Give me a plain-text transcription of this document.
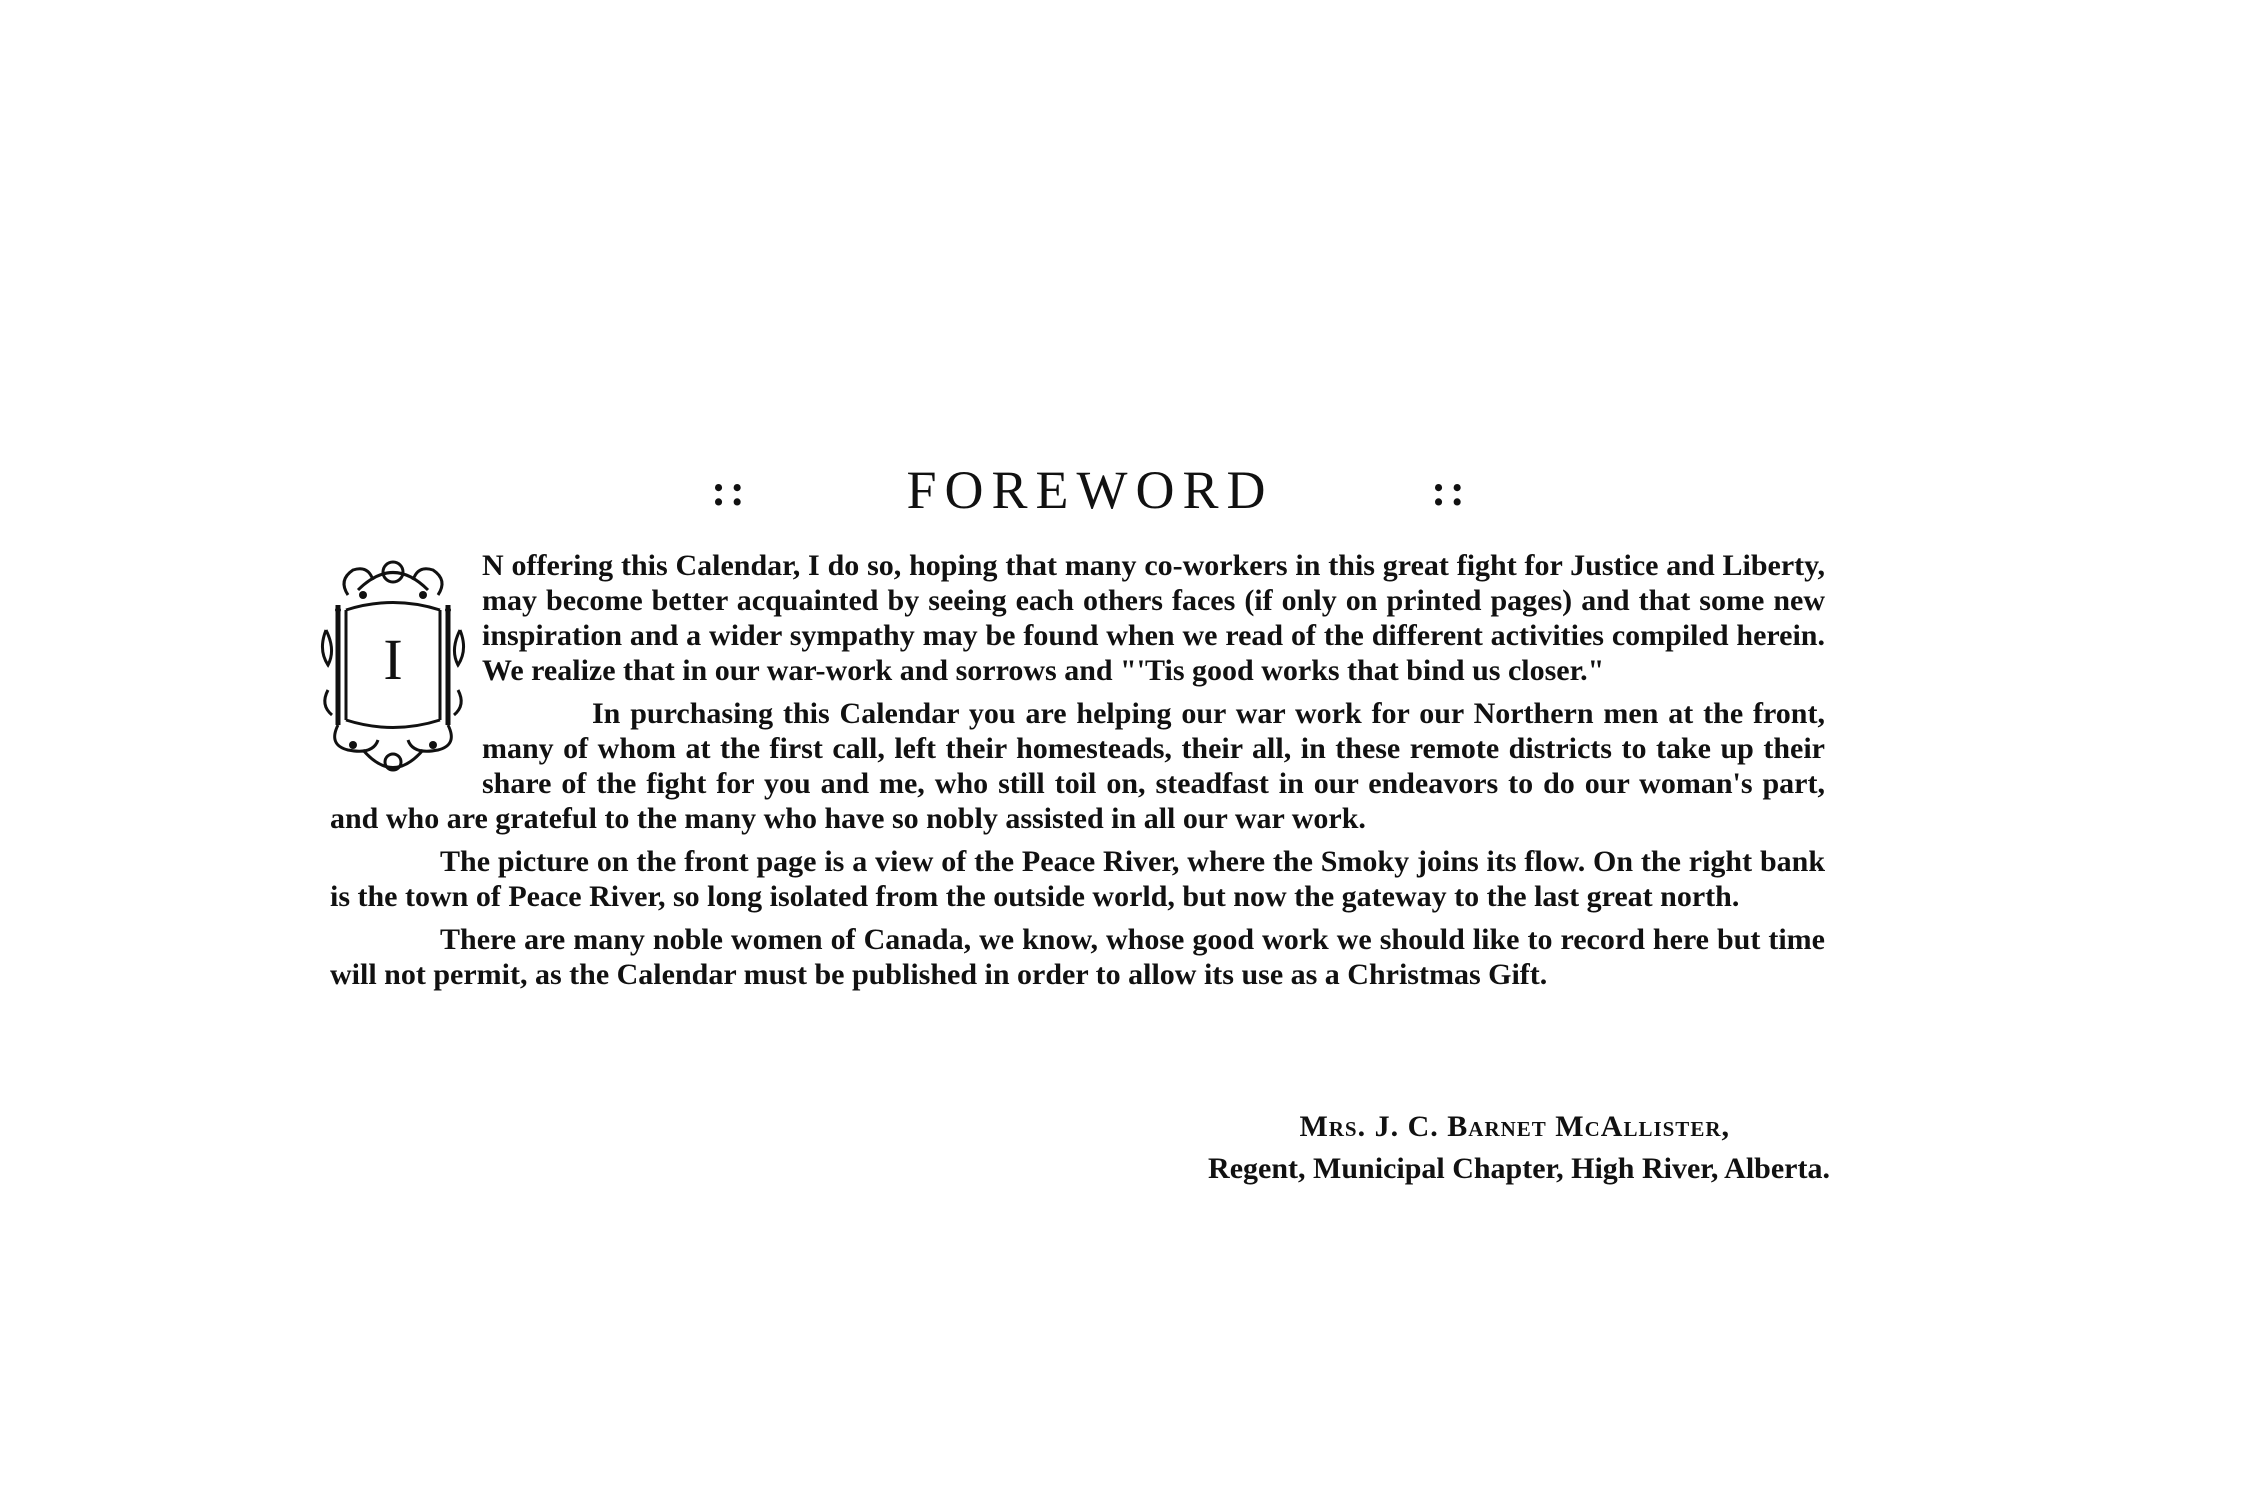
::	FOREWORD	::
I

N offering this Calendar, I do so, hoping that many co-workers in this great fight for Justice and Liberty, may become better acquainted by seeing each others faces (if only on printed pages) and that some new inspiration and a wider sympathy may be found when we read of the different activities compiled herein. We realize that in our war-work and sorrows and "'Tis good works that bind us closer."

In purchasing this Calendar you are helping our war work for our Northern men at the front, many of whom at the first call, left their homesteads, their all, in these remote districts to take up their share of the fight for you and me, who still toil on, steadfast in our endeavors to do our woman's part, and who are grateful to the many who have so nobly assisted in all our war work.

The picture on the front page is a view of the Peace River, where the Smoky joins its flow. On the right bank is the town of Peace River, so long isolated from the outside world, but now the gateway to the last great north.

There are many noble women of Canada, we know, whose good work we should like to record here but time will not permit, as the Calendar must be published in order to allow its use as a Christmas Gift.

Mrs. J. C. Barnet McAllister,
Regent, Municipal Chapter, High River, Alberta.
